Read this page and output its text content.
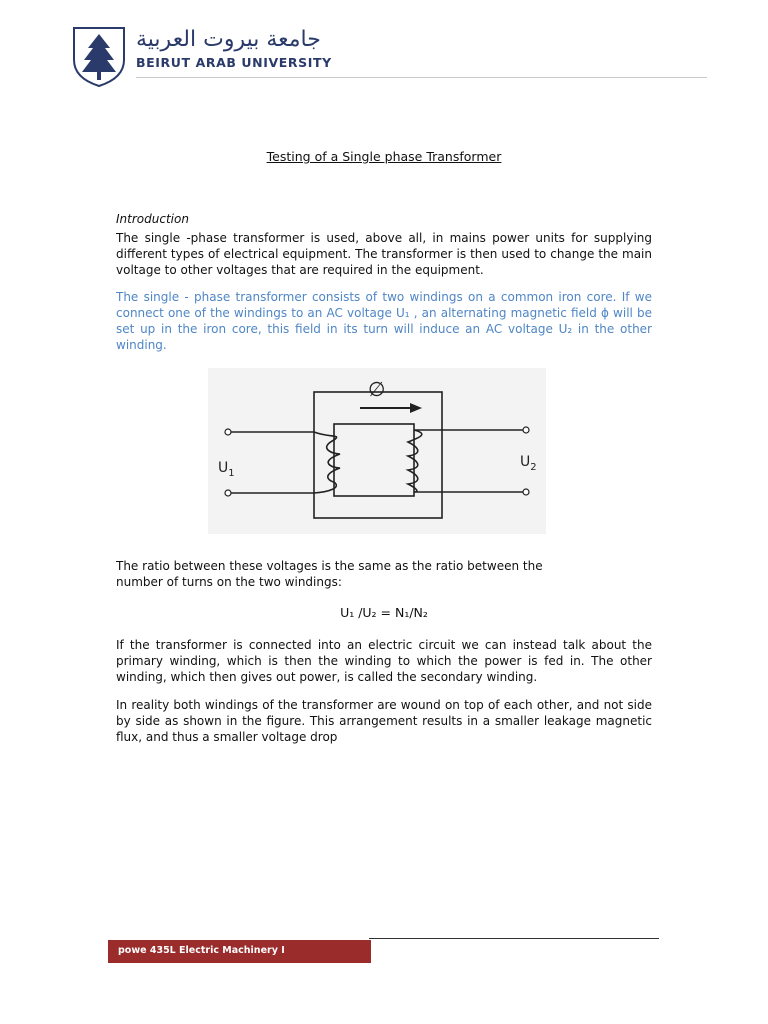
جامعة بيروت العربية
BEIRUT ARAB UNIVERSITY
Testing of a Single phase Transformer
Introduction
The single -phase transformer is used, above all, in mains power units for supplying different types of electrical equipment. The transformer is then used to change the main voltage to other voltages that are required in the equipment.
The single - phase transformer consists of two windings on a common iron core. If we connect one of the windings to an AC voltage U₁ , an alternating magnetic field ϕ will be set up in the iron core, this field in its turn will induce an AC voltage U₂ in the other winding.
∅
$U_1$
$U_2$
The ratio between these voltages is the same as the ratio between the number of turns on the two windings:
U₁ /U₂ = N₁/N₂
If the transformer is connected into an electric circuit we can instead talk about the primary winding, which is then the winding to which the power is fed in. The other winding, which then gives out power, is called the secondary winding.
In reality both windings of the transformer are wound on top of each other, and not side by side as shown in the figure. This arrangement results in a smaller leakage magnetic flux, and thus a smaller voltage drop
powe 435L Electric Machinery I
